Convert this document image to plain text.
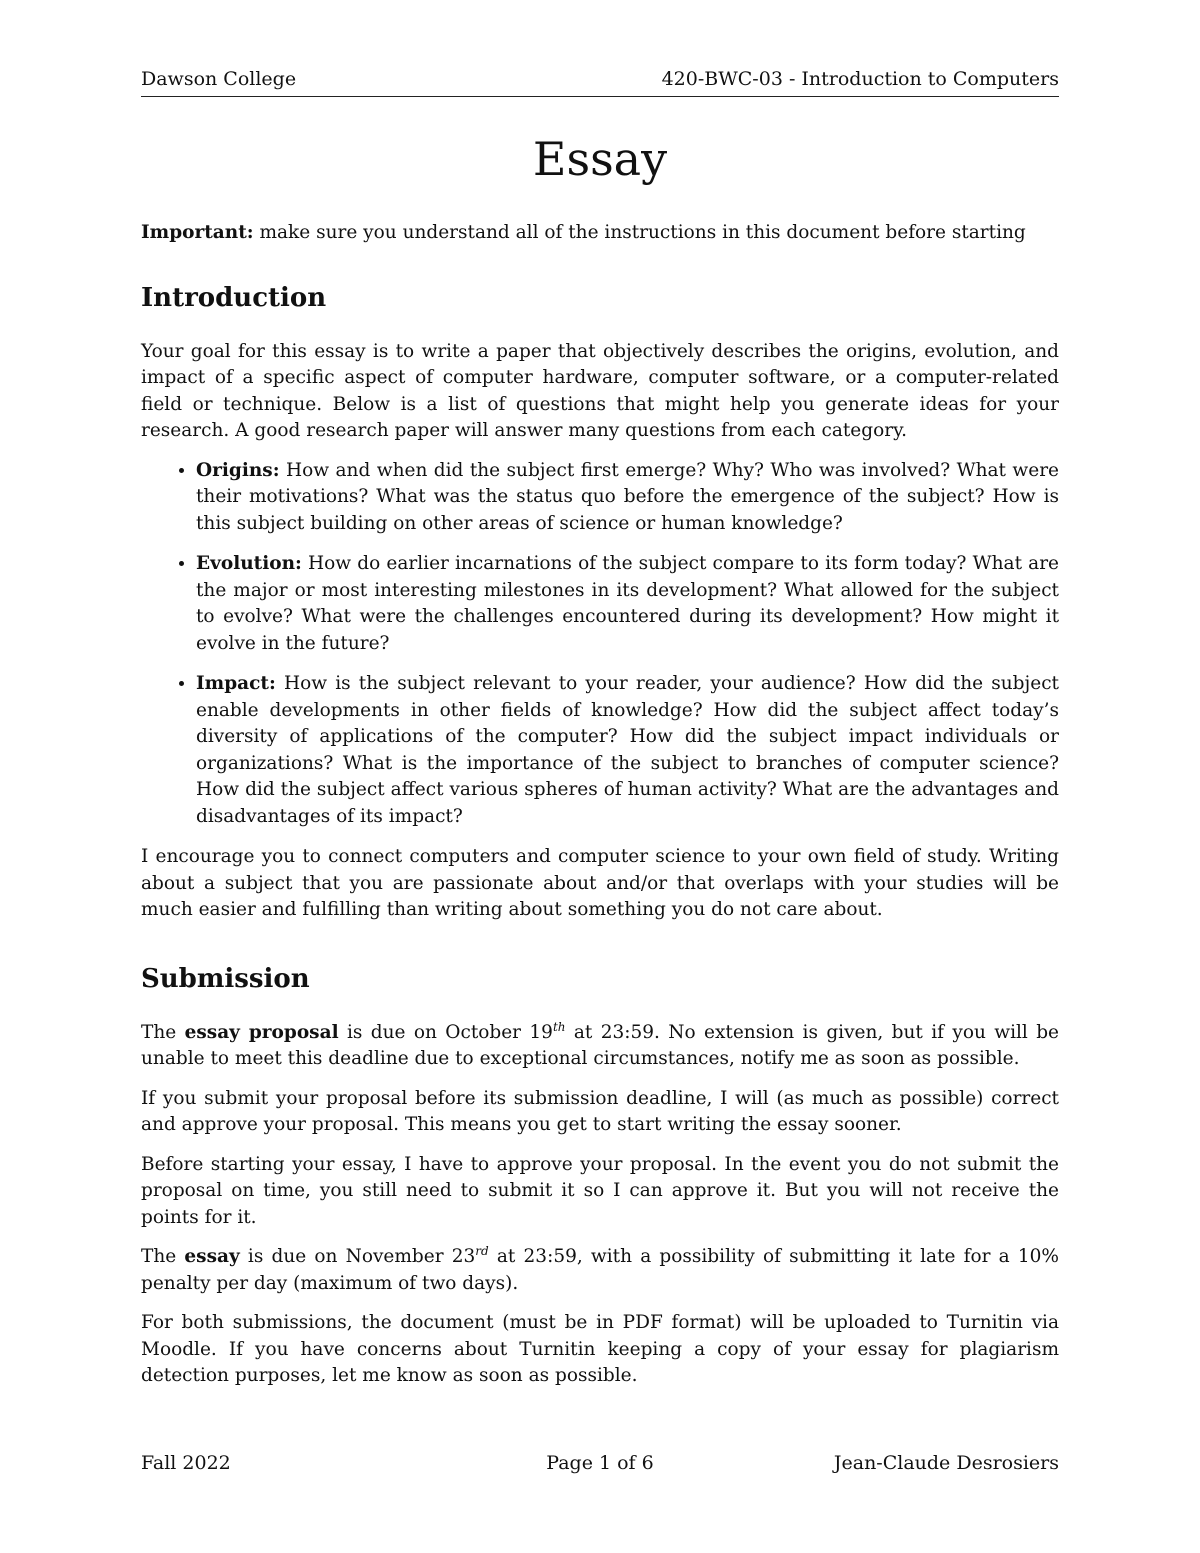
Dawson College	420-BWC-03 - Introduction to Computers
Essay

Important: make sure you understand all of the instructions in this document before starting

Introduction

Your goal for this essay is to write a paper that objectively describes the origins, evolution, and impact of a specific aspect of computer hardware, computer software, or a computer-related field or technique. Below is a list of questions that might help you generate ideas for your research. A good research paper will answer many questions from each category.

• Origins: How and when did the subject first emerge? Why? Who was involved? What were their motivations? What was the status quo before the emergence of the subject? How is this subject building on other areas of science or human knowledge?
• Evolution: How do earlier incarnations of the subject compare to its form today? What are the major or most interesting milestones in its development? What allowed for the subject to evolve? What were the challenges encountered during its development? How might it evolve in the future?
• Impact: How is the subject relevant to your reader, your audience? How did the subject enable developments in other fields of knowledge? How did the subject affect today’s diversity of applications of the computer? How did the subject impact individuals or organizations? What is the importance of the subject to branches of computer science? How did the subject affect various spheres of human activity? What are the advantages and disadvantages of its impact?

I encourage you to connect computers and computer science to your own field of study. Writing about a subject that you are passionate about and/or that overlaps with your studies will be much easier and fulfilling than writing about something you do not care about.

Submission

The essay proposal is due on October 19th at 23:59. No extension is given, but if you will be unable to meet this deadline due to exceptional circumstances, notify me as soon as possible.

If you submit your proposal before its submission deadline, I will (as much as possible) correct and approve your proposal. This means you get to start writing the essay sooner.

Before starting your essay, I have to approve your proposal. In the event you do not submit the proposal on time, you still need to submit it so I can approve it. But you will not receive the points for it.

The essay is due on November 23rd at 23:59, with a possibility of submitting it late for a 10% penalty per day (maximum of two days).

For both submissions, the document (must be in PDF format) will be uploaded to Turnitin via Moodle. If you have concerns about Turnitin keeping a copy of your essay for plagiarism detection purposes, let me know as soon as possible.

Fall 2022	Page 1 of 6	Jean-Claude Desrosiers
